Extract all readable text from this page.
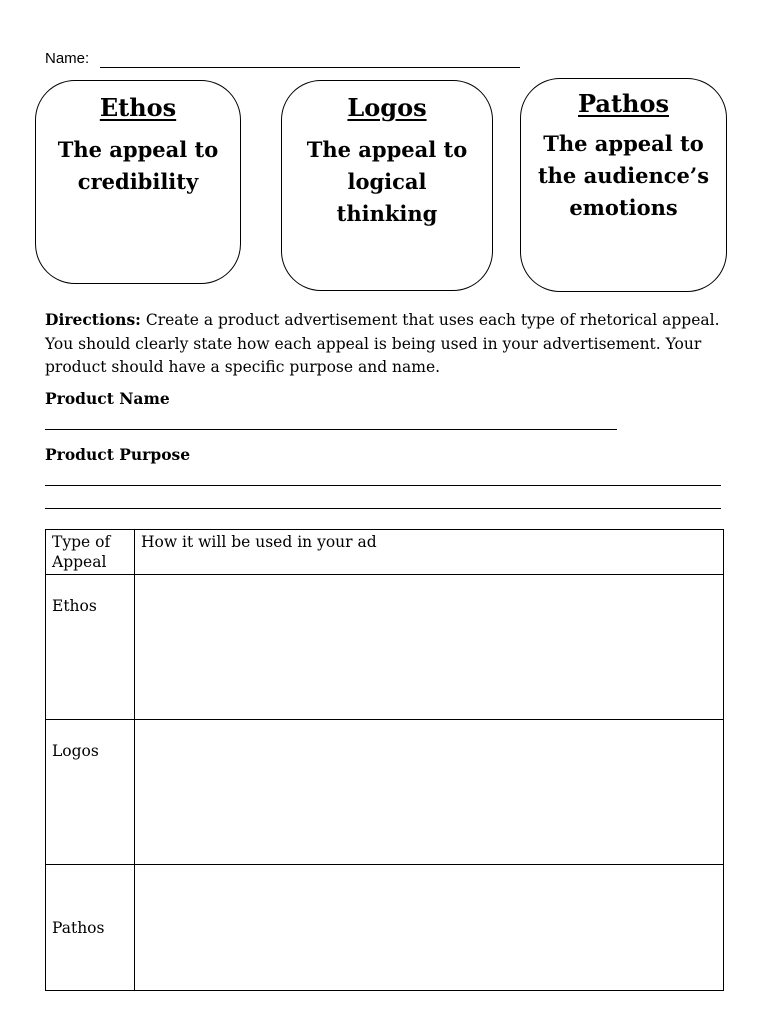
Name:
Ethos
The appeal to credibility
Logos
The appeal to logical thinking
Pathos
The appeal to the audience’s emotions
Directions: Create a product advertisement that uses each type of rhetorical appeal. You should clearly state how each appeal is being used in your advertisement. Your product should have a specific purpose and name.
Product Name
Product Purpose
Type of Appeal	How it will be used in your ad
Ethos	
Logos	
Pathos	
